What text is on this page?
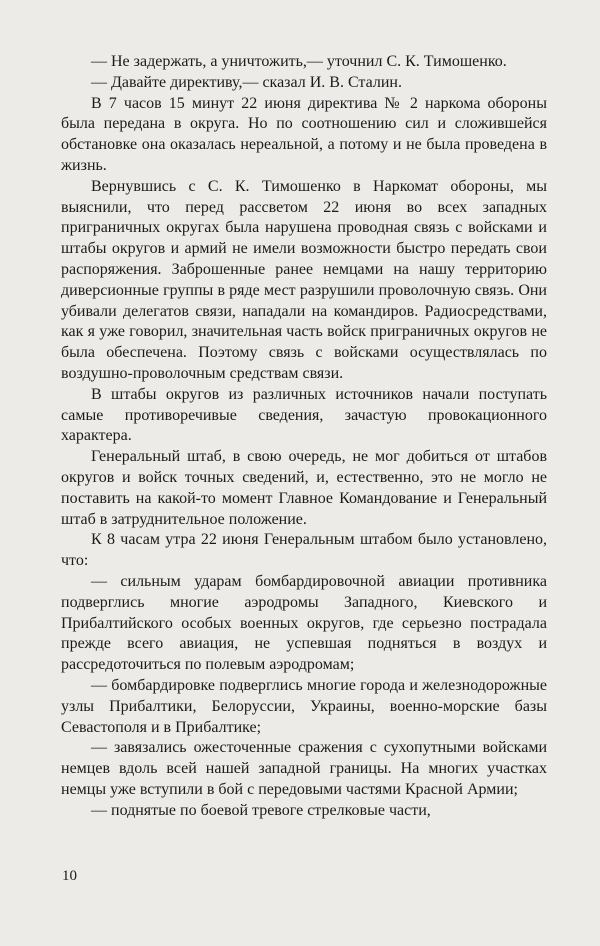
— Не задержать, а уничтожить,— уточнил С. К. Тимошенко.

— Давайте директиву,— сказал И. В. Сталин.

В 7 часов 15 минут 22 июня директива № 2 наркома обороны была передана в округа. Но по соотношению сил и сложившейся обстановке она оказалась нереальной, а потому и не была проведена в жизнь.

Вернувшись с С. К. Тимошенко в Наркомат обороны, мы выяснили, что перед рассветом 22 июня во всех западных приграничных округах была нарушена проводная связь с войсками и штабы округов и армий не имели возможности быстро передать свои распоряжения. Заброшенные ранее немцами на нашу территорию диверсионные группы в ряде мест разрушили проволочную связь. Они убивали делегатов связи, нападали на командиров. Радиосредствами, как я уже говорил, значительная часть войск приграничных округов не была обеспечена. Поэтому связь с войсками осуществлялась по воздушно-проволочным средствам связи.

В штабы округов из различных источников начали поступать самые противоречивые сведения, зачастую провокационного характера.

Генеральный штаб, в свою очередь, не мог добиться от штабов округов и войск точных сведений, и, естественно, это не могло не поставить на какой-то момент Главное Командование и Генеральный штаб в затруднительное положение.

К 8 часам утра 22 июня Генеральным штабом было установлено, что:

— сильным ударам бомбардировочной авиации противника подверглись многие аэродромы Западного, Киевского и Прибалтийского особых военных округов, где серьезно пострадала прежде всего авиация, не успевшая подняться в воздух и рассредоточиться по полевым аэродромам;

— бомбардировке подверглись многие города и железнодорожные узлы Прибалтики, Белоруссии, Украины, военно-морские базы Севастополя и в Прибалтике;

— завязались ожесточенные сражения с сухопутными войсками немцев вдоль всей нашей западной границы. На многих участках немцы уже вступили в бой с передовыми частями Красной Армии;

— поднятые по боевой тревоге стрелковые части,

10
